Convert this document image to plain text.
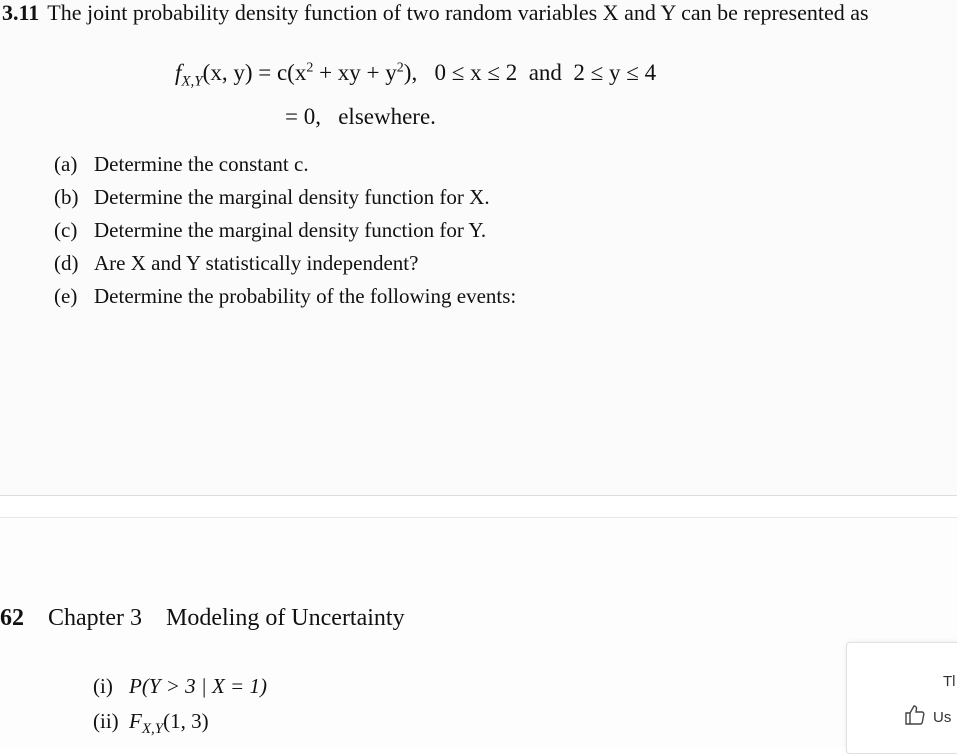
3.11 The joint probability density function of two random variables X and Y can be represented as
$f_{X,Y}(x$, $y) = c(x^2$ + xy + $y^2$), 0 ≤ x ≤ 2  and  2 ≤ y ≤ 4
= 0,   elsewhere.
(a) Determine the constant c.
(b) Determine the marginal density function for X.
(c) Determine the marginal density function for Y.
(d) Are X and Y statistically independent?
(e) Determine the probability of the following events:
62 Chapter 3 Modeling of Uncertainty
(i) P(Y > 3 | X = 1)
(ii) $F_{X,Y}(1$, 3)
Tl
Us
